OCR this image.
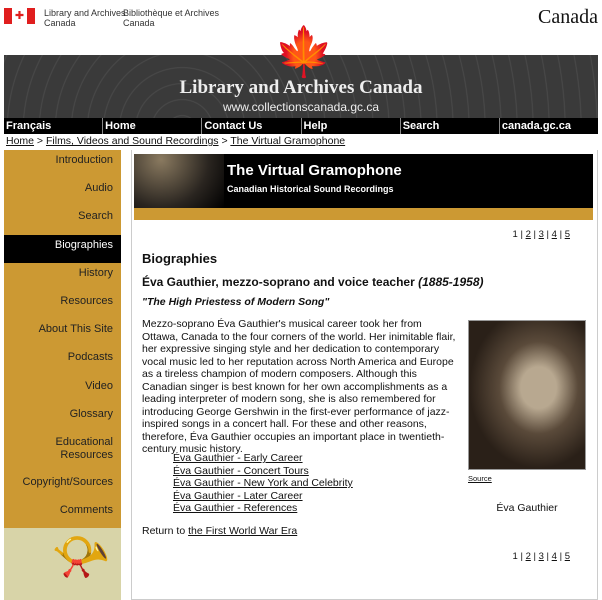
✚	Library and Archives
Canada
Bibliothèque et Archives
Canada	Canada
🍁
Library and Archives Canada
www.collectionscanada.gc.ca
Français	Home	Contact Us	Help	Search	canada.gc.ca
Home > Films, Videos and Sound Recordings > The Virtual Gramophone
Introduction
Audio
Search
Biographies
History
Resources
About This Site
Podcasts
Video
Glossary
Educational Resources
Copyright/Sources
Comments
📯
The Virtual Gramophone
Canadian Historical Sound Recordings
1 | 2 | 3 | 4 | 5
Biographies
Éva Gauthier, mezzo-soprano and voice teacher (1885-1958)
"The High Priestess of Modern Song"

Mezzo-soprano Éva Gauthier's musical career took her from Ottawa, Canada to the four corners of the world. Her inimitable flair, her expressive singing style and her dedication to contemporary vocal music led to her reputation across North America and Europe as a tireless champion of modern composers. Although this Canadian singer is best known for her own accomplishments as a leading interpreter of modern song, she is also remembered for introducing George Gershwin in the first-ever performance of jazz-inspired songs in a concert hall. For these and other reasons, therefore, Éva Gauthier occupies an important place in twentieth-century music history.

Source
Éva Gauthier
Éva Gauthier - Early Career
Éva Gauthier - Concert Tours
Éva Gauthier - New York and Celebrity
Éva Gauthier - Later Career
Éva Gauthier - References
Return to the First World War Era
1 | 2 | 3 | 4 | 5
